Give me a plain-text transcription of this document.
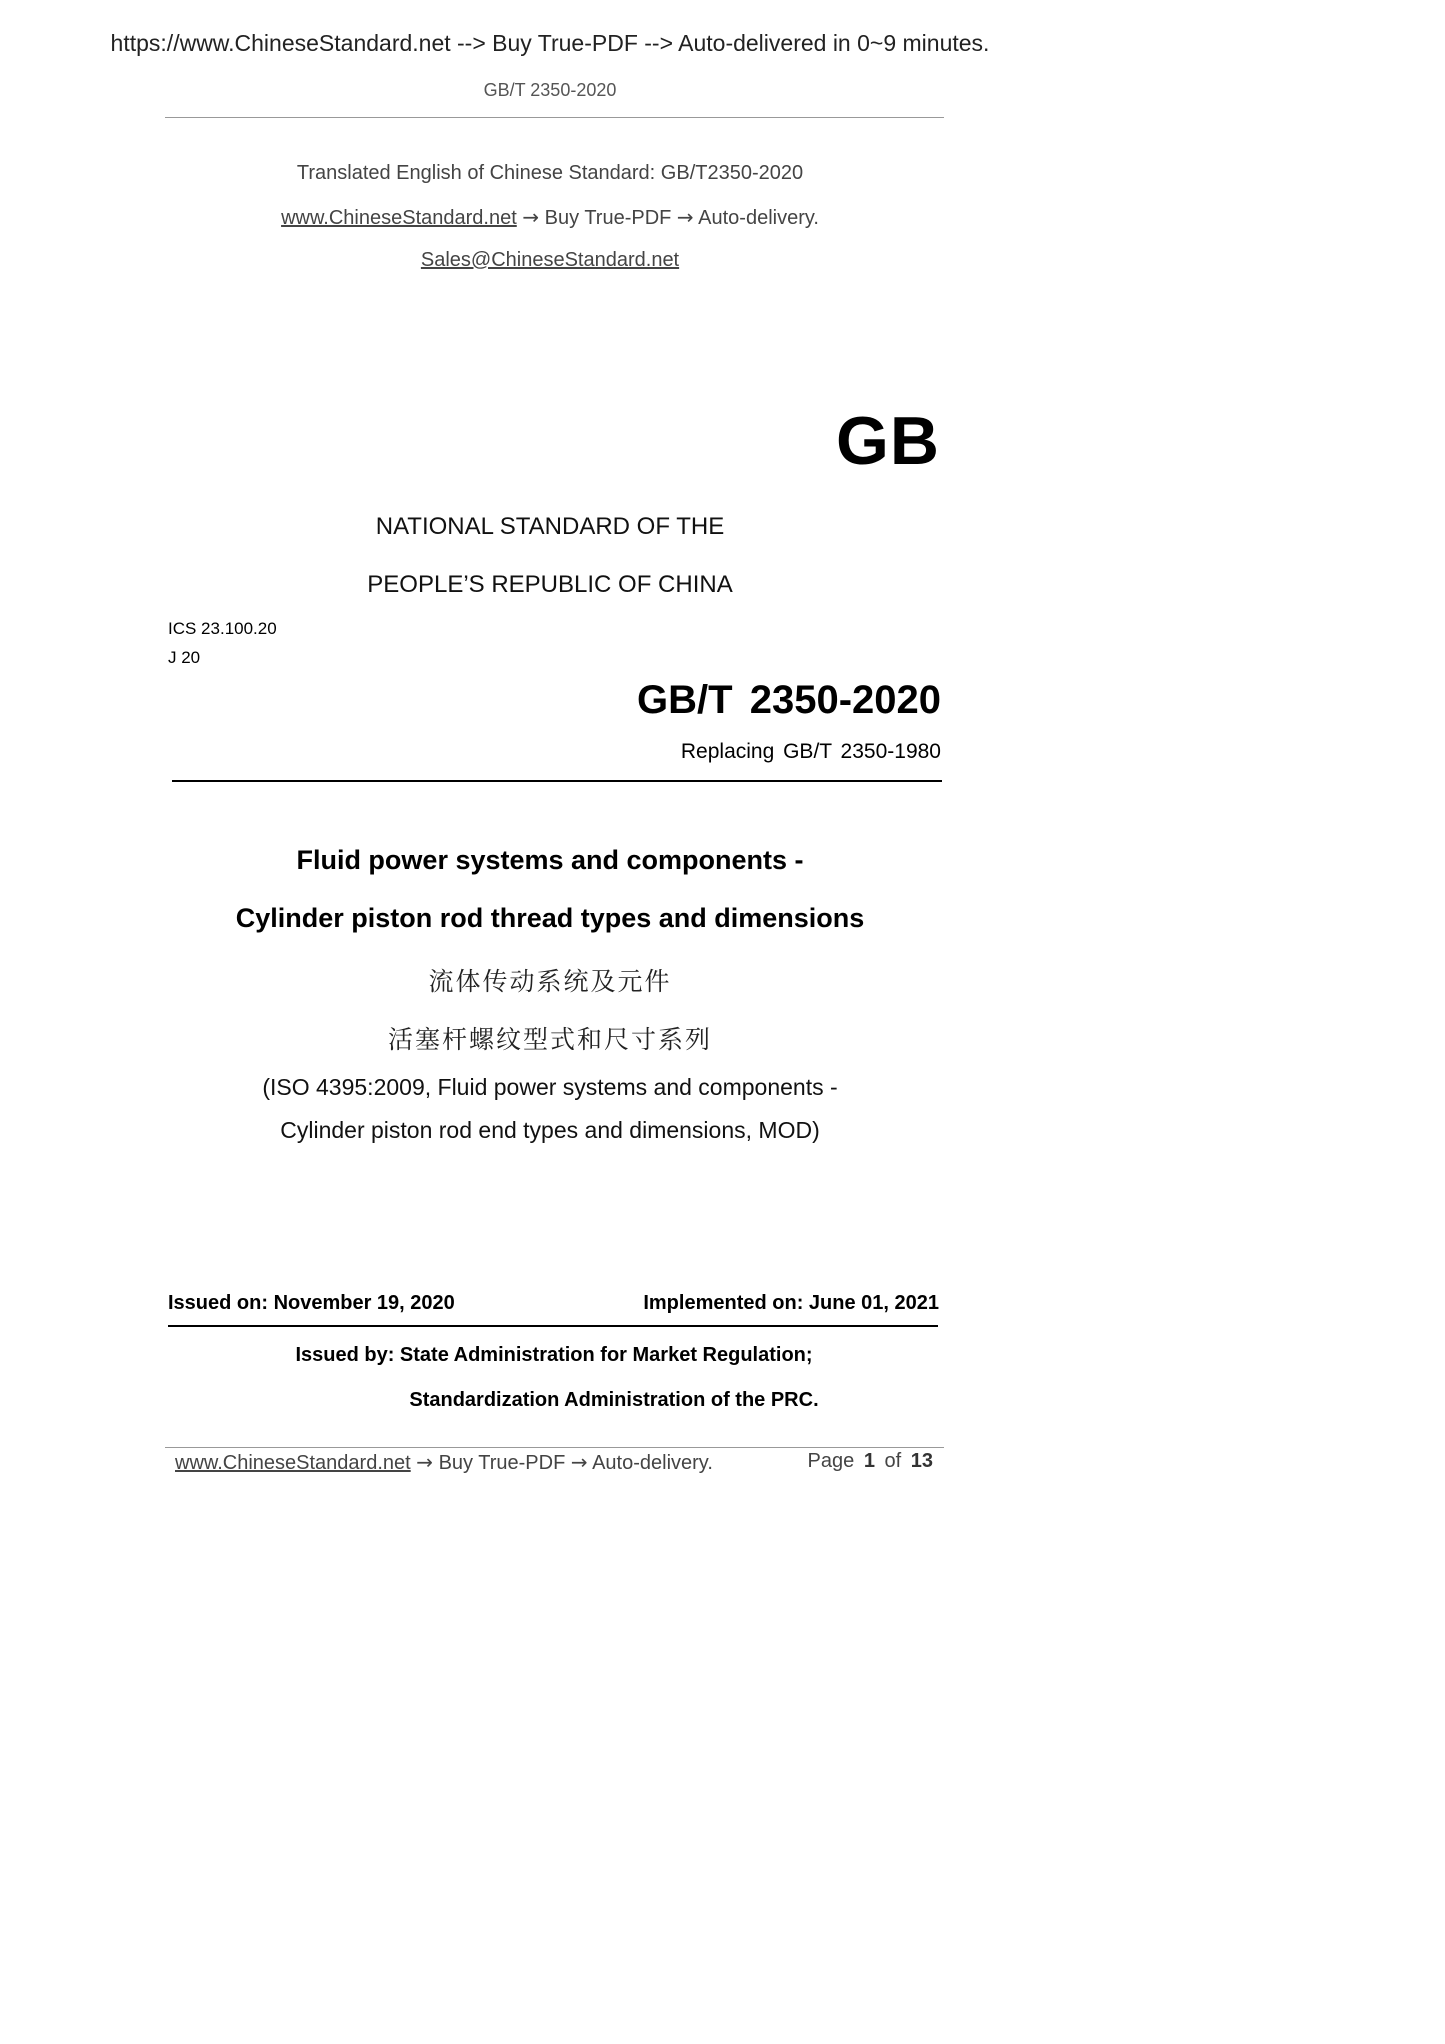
https://www.ChineseStandard.net --> Buy True-PDF --> Auto-delivered in 0~9 minutes.
GB/T 2350-2020
Translated English of Chinese Standard: GB/T2350-2020
www.ChineseStandard.net → Buy True-PDF → Auto-delivery.
Sales@ChineseStandard.net
GB
NATIONAL STANDARD OF THE
PEOPLE’S REPUBLIC OF CHINA
ICS 23.100.20
J 20
GB/T 2350-2020
Replacing GB/T 2350-1980
Fluid power systems and components -
Cylinder piston rod thread types and dimensions
流体传动系统及元件
活塞杆螺纹型式和尺寸系列
(ISO 4395:2009, Fluid power systems and components -
Cylinder piston rod end types and dimensions, MOD)
Issued on: November 19, 2020	Implemented on: June 01, 2021
Issued by: State Administration for Market Regulation;
Standardization Administration of the PRC.
www.ChineseStandard.net → Buy True-PDF → Auto-delivery.	Page 1 of 13
